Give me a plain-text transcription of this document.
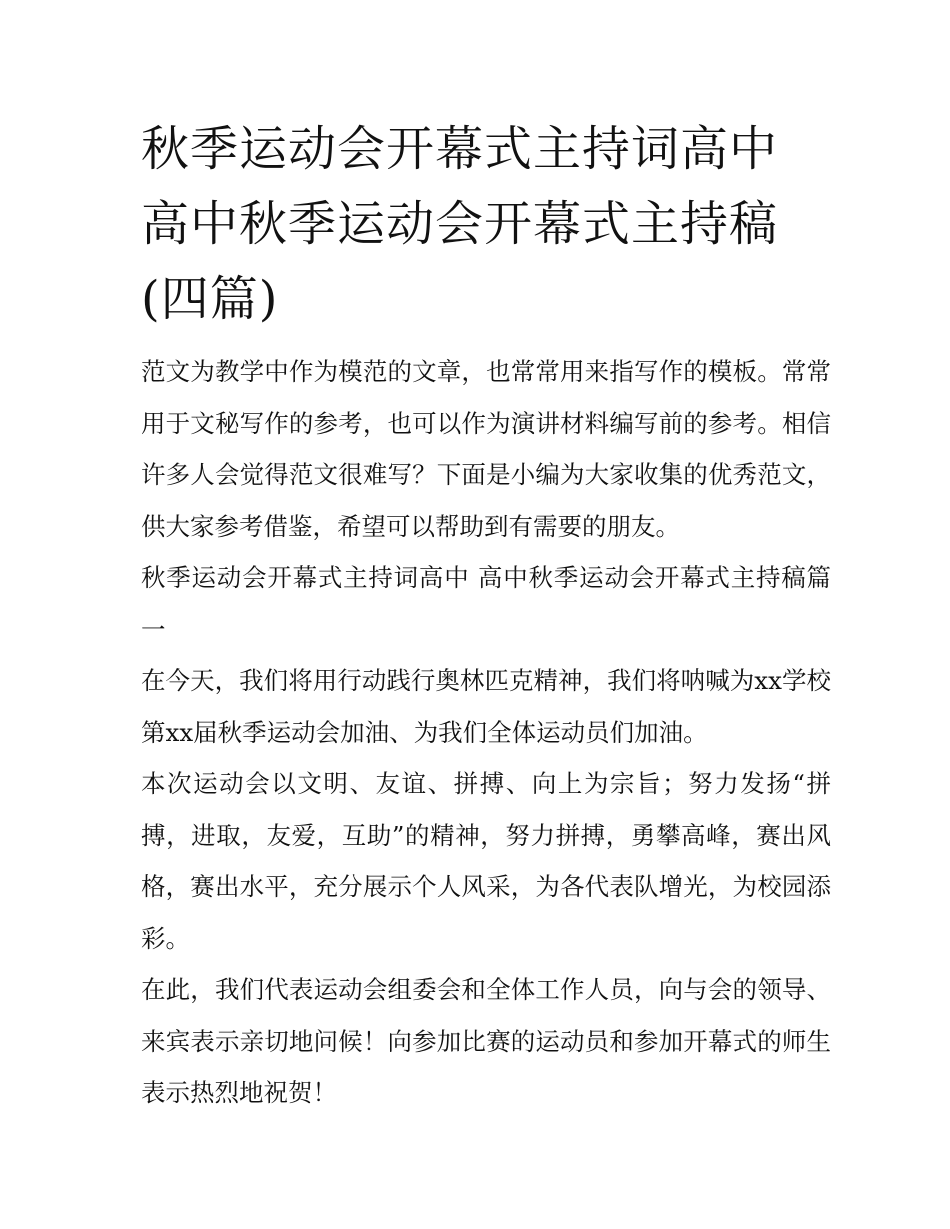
秋季运动会开幕式主持词高中 高中秋季运动会开幕式主持稿(四篇)

范文为教学中作为模范的文章，也常常用来指写作的模板。常常用于文秘写作的参考，也可以作为演讲材料编写前的参考。相信许多人会觉得范文很难写？下面是小编为大家收集的优秀范文，供大家参考借鉴，希望可以帮助到有需要的朋友。

秋季运动会开幕式主持词高中 高中秋季运动会开幕式主持稿篇一

在今天，我们将用行动践行奥林匹克精神，我们将呐喊为xx学校第xx届秋季运动会加油、为我们全体运动员们加油。

本次运动会以文明、友谊、拼搏、向上为宗旨；努力发扬“拼搏，进取，友爱，互助”的精神，努力拼搏，勇攀高峰，赛出风格，赛出水平，充分展示个人风采，为各代表队增光，为校园添彩。

在此，我们代表运动会组委会和全体工作人员，向与会的领导、来宾表示亲切地问候！向参加比赛的运动员和参加开幕式的师生表示热烈地祝贺！
